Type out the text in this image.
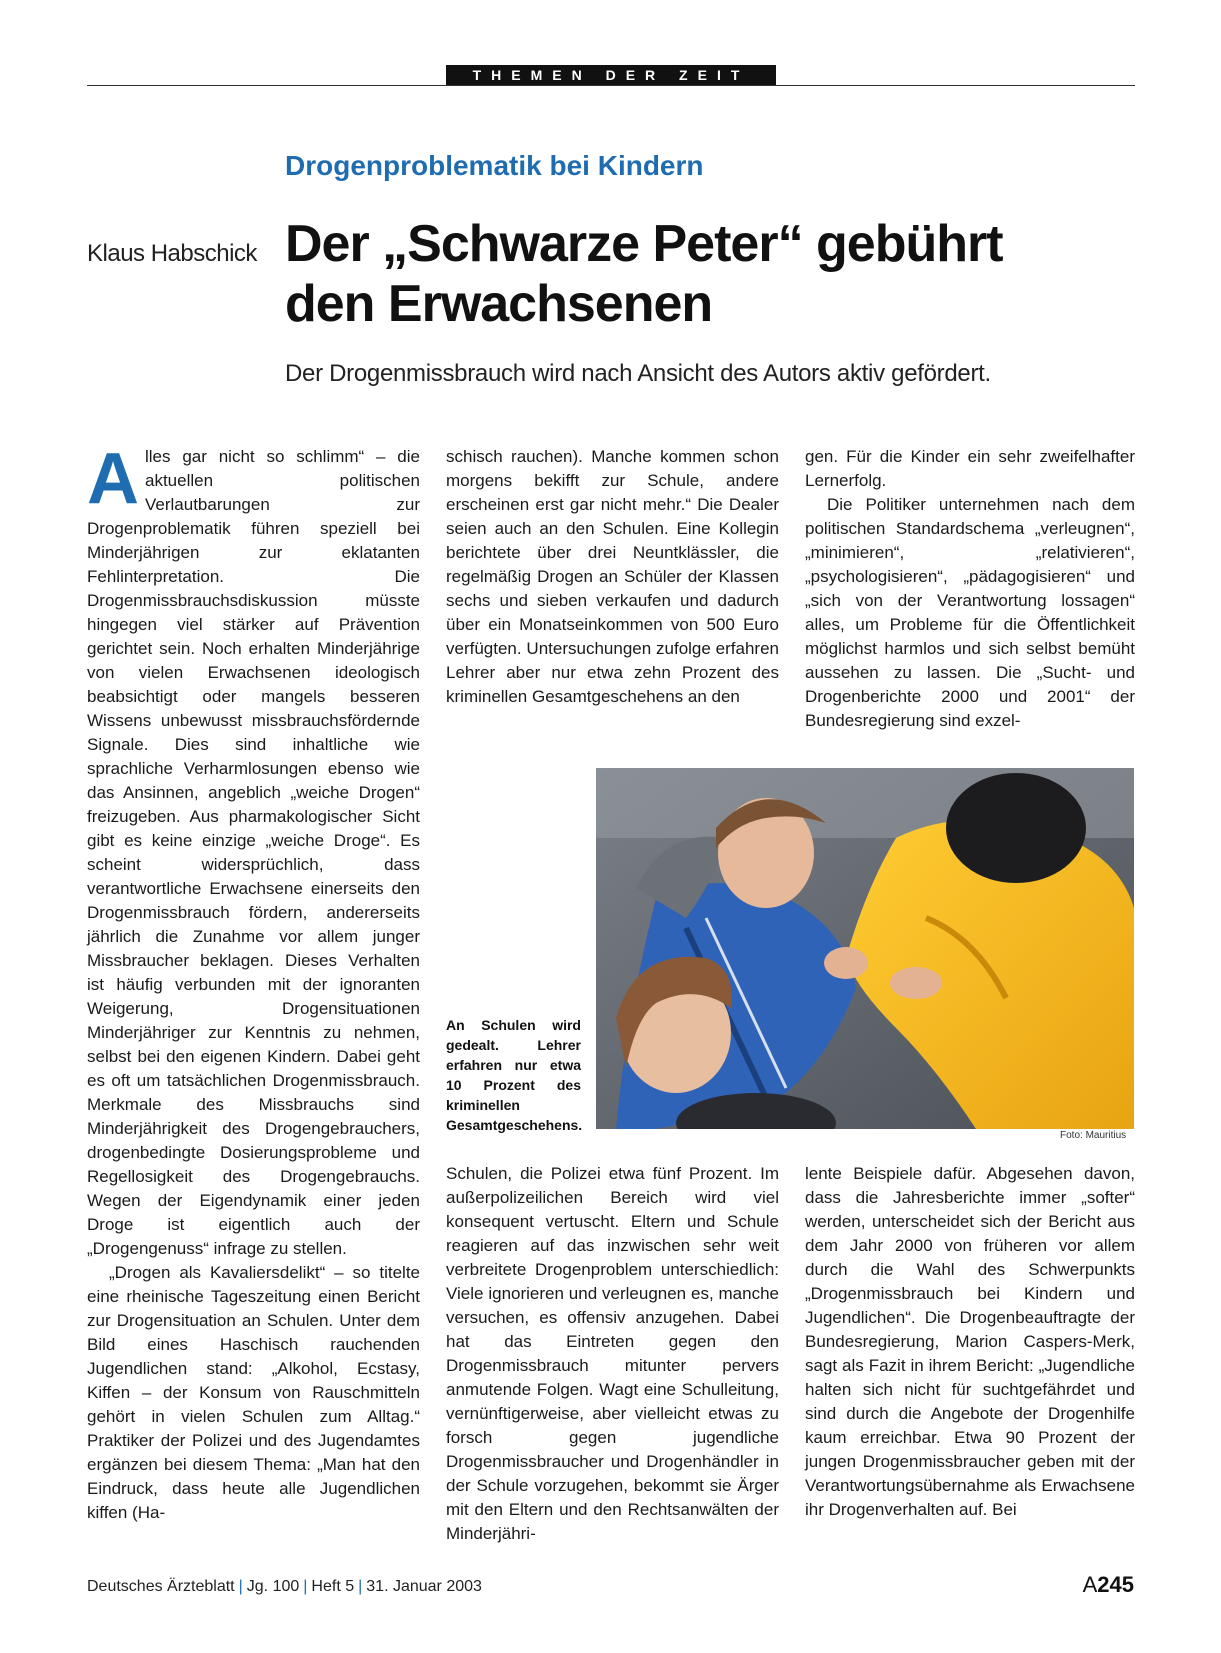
THEMEN DER ZEIT
Drogenproblematik bei Kindern
Klaus Habschick Der „Schwarze Peter“ gebührt
den Erwachsenen
Der Drogenmissbrauch wird nach Ansicht des Autors aktiv gefördert.

Alles gar nicht so schlimm“ – die aktuellen politischen Verlautbarungen zur Drogenproblematik führen speziell bei Minderjährigen zur eklatanten Fehlinterpretation. Die Drogenmissbrauchsdiskussion müsste hingegen viel stärker auf Prävention gerichtet sein. Noch erhalten Minderjährige von vielen Erwachsenen ideologisch beabsichtigt oder mangels besseren Wissens unbewusst missbrauchsfördernde Signale. Dies sind inhaltliche wie sprachliche Verharmlosungen ebenso wie das Ansinnen, angeblich „weiche Drogen“ freizugeben. Aus pharmakologischer Sicht gibt es keine einzige „weiche Droge“. Es scheint widersprüchlich, dass verantwortliche Erwachsene einerseits den Drogenmissbrauch fördern, andererseits jährlich die Zunahme vor allem junger Missbraucher beklagen. Dieses Verhalten ist häufig verbunden mit der ignoranten Weigerung, Drogensituationen Minderjähriger zur Kenntnis zu nehmen, selbst bei den eigenen Kindern. Dabei geht es oft um tatsächlichen Drogenmissbrauch. Merkmale des Missbrauchs sind Minderjährigkeit des Drogengebrauchers, drogenbedingte Dosierungsprobleme und Regellosigkeit des Drogengebrauchs. Wegen der Eigendynamik einer jeden Droge ist eigentlich auch der „Drogengenuss“ infrage zu stellen.

„Drogen als Kavaliersdelikt“ – so titelte eine rheinische Tageszeitung einen Bericht zur Drogensituation an Schulen. Unter dem Bild eines Haschisch rauchenden Jugendlichen stand: „Alkohol, Ecstasy, Kiffen – der Konsum von Rauschmitteln gehört in vielen Schulen zum Alltag.“ Praktiker der Polizei und des Jugendamtes ergänzen bei diesem Thema: „Man hat den Eindruck, dass heute alle Jugendlichen kiffen (Ha-

schisch rauchen). Manche kommen schon morgens bekifft zur Schule, andere erscheinen erst gar nicht mehr.“ Die Dealer seien auch an den Schulen. Eine Kollegin berichtete über drei Neuntklässler, die regelmäßig Drogen an Schüler der Klassen sechs und sieben verkaufen und dadurch über ein Monatseinkommen von 500 Euro verfügten. Untersuchungen zufolge erfahren Lehrer aber nur etwa zehn Prozent des kriminellen Gesamtgeschehens an den

gen. Für die Kinder ein sehr zweifelhafter Lernerfolg.

Die Politiker unternehmen nach dem politischen Standardschema „verleugnen“, „minimieren“, „relativieren“, „psychologisieren“, „pädagogisieren“ und „sich von der Verantwortung lossagen“ alles, um Probleme für die Öffentlichkeit möglichst harmlos und sich selbst bemüht aussehen zu lassen. Die „Sucht- und Drogenberichte 2000 und 2001“ der Bundesregierung sind exzel-

An Schulen wird gedealt. Lehrer erfahren nur etwa 10 Prozent des kriminellen Gesamtgeschehens.

Foto: Mauritius

Schulen, die Polizei etwa fünf Prozent. Im außerpolizeilichen Bereich wird viel konsequent vertuscht. Eltern und Schule reagieren auf das inzwischen sehr weit verbreitete Drogenproblem unterschiedlich: Viele ignorieren und verleugnen es, manche versuchen, es offensiv anzugehen. Dabei hat das Eintreten gegen den Drogenmissbrauch mitunter pervers anmutende Folgen. Wagt eine Schulleitung, vernünftigerweise, aber vielleicht etwas zu forsch gegen jugendliche Drogenmissbraucher und Drogenhändler in der Schule vorzugehen, bekommt sie Ärger mit den Eltern und den Rechtsanwälten der Minderjähri-

lente Beispiele dafür. Abgesehen davon, dass die Jahresberichte immer „softer“ werden, unterscheidet sich der Bericht aus dem Jahr 2000 von früheren vor allem durch die Wahl des Schwerpunkts „Drogenmissbrauch bei Kindern und Jugendlichen“. Die Drogenbeauftragte der Bundesregierung, Marion Caspers-Merk, sagt als Fazit in ihrem Bericht: „Jugendliche halten sich nicht für suchtgefährdet und sind durch die Angebote der Drogenhilfe kaum erreichbar. Etwa 90 Prozent der jungen Drogenmissbraucher geben mit der Verantwortungsübernahme als Erwachsene ihr Drogenverhalten auf. Bei

Deutsches Ärzteblatt | Jg. 100 | Heft 5 | 31. Januar 2003	A245
